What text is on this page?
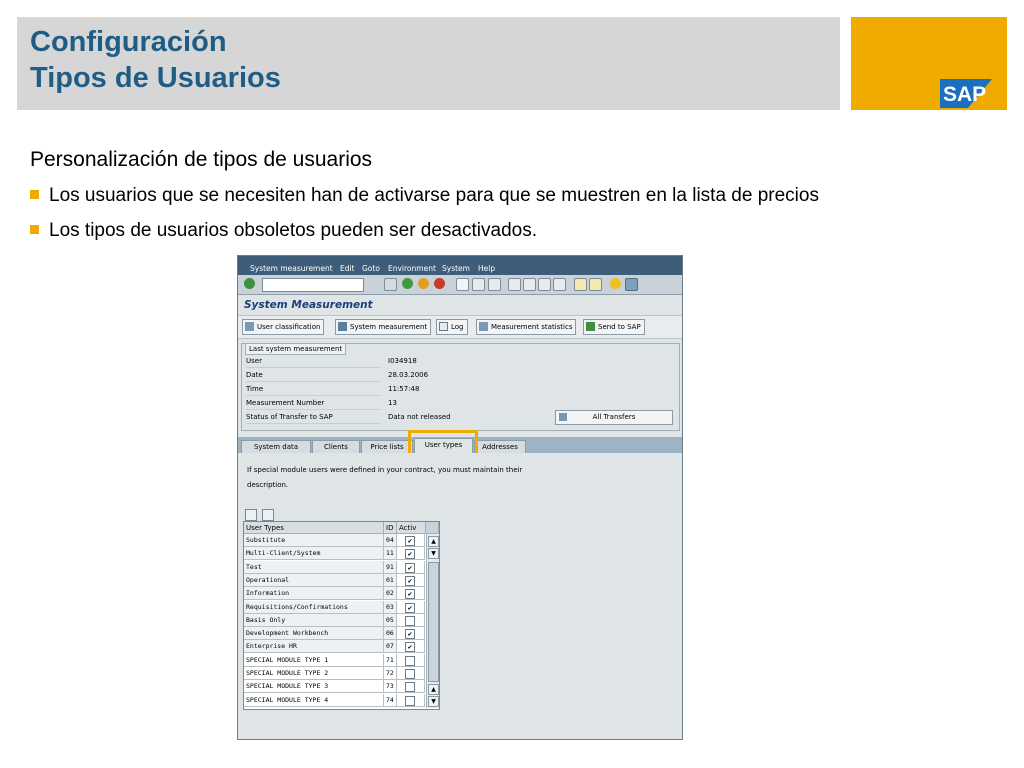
Configuración
Tipos de Usuarios
SAP
Personalización de tipos de usuarios
Los usuarios que se necesiten han de activarse para que se muestren en la lista de precios
Los tipos de usuarios obsoletos pueden ser desactivados.
System measurement Edit Goto Environment System Help
System Measurement
User classification	System measurement	Log	Measurement statistics	Send to SAP
Last system measurement
User	I034918
Date	28.03.2006
Time	11:57:48
Measurement Number	13
Status of Transfer to SAP	Data not released	All Transfers
System data	Clients	Price lists	User types	Addresses
If special module users were defined in your contract, you must maintain their
description.
User Types	ID Activ
Substitute	04	✔
Multi-Client/System	11	✔
Test	91	✔
Operational	01	✔
Information	02	✔
Requisitions/Confirmations	03	✔
Basis Only	05
Development Workbench	06	✔
Enterprise HR	07	✔
SPECIAL MODULE TYPE 1	71
SPECIAL MODULE TYPE 2	72
SPECIAL MODULE TYPE 3	73
SPECIAL MODULE TYPE 4	74
▲
▼
▲
▼
